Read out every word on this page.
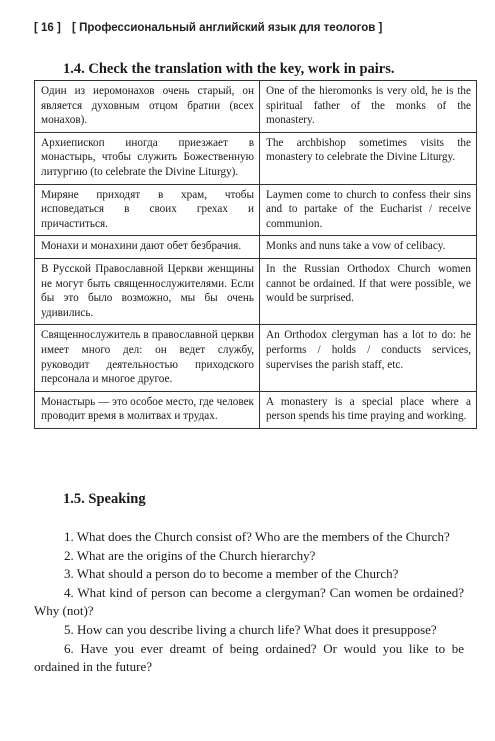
[ 16 ] [ Профессиональный английский язык для теологов ]
1.4. Check the translation with the key, work in pairs.
Один из иеромонахов очень старый, он является духовным отцом братии (всех монахов).	One of the hieromonks is very old, he is the spiritual father of the monks of the monastery.
Архиепископ иногда приезжает в монастырь, чтобы служить Божественную литургию (to celebrate the Divine Liturgy).	The archbishop sometimes visits the monastery to celebrate the Divine Liturgy.
Миряне приходят в храм, чтобы исповедаться в своих грехах и причаститься.	Laymen come to church to confess their sins and to partake of the Eucharist / receive communion.
Монахи и монахини дают обет безбрачия.	Monks and nuns take a vow of celibacy.
В Русской Православной Церкви женщины не могут быть священнослужителями. Если бы это было возможно, мы бы очень удивились.	In the Russian Orthodox Church women cannot be ordained. If that were possible, we would be surprised.
Священнослужитель в православной церкви имеет много дел: он ведет службу, руководит деятельностью приходского персонала и многое другое.	An Orthodox clergyman has a lot to do: he performs / holds / conducts services, supervises the parish staff, etc.
Монастырь — это особое место, где человек проводит время в молитвах и трудах.	A monastery is a special place where a person spends his time praying and working.
1.5. Speaking

1. What does the Church consist of? Who are the members of the Church?

2. What are the origins of the Church hierarchy?

3. What should a person do to become a member of the Church?

4. What kind of person can become a clergyman? Can women be ordained? Why (not)?

5. How can you describe living a church life? What does it presuppose?

6. Have you ever dreamt of being ordained? Or would you like to be ordained in the future?
